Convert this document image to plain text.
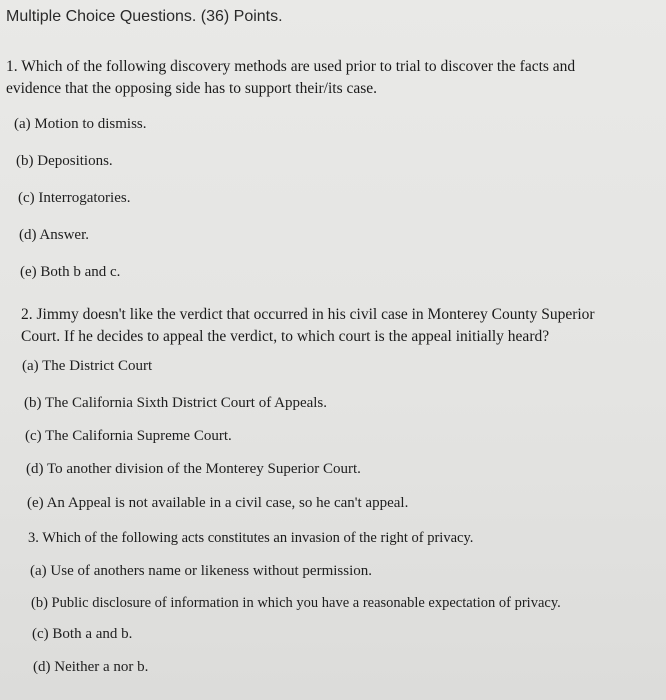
Multiple Choice Questions. (36) Points.
1. Which of the following discovery methods are used prior to trial to discover the facts and
evidence that the opposing side has to support their/its case.
(a) Motion to dismiss.
(b) Depositions.
(c) Interrogatories.
(d) Answer.
(e) Both b and c.
2. Jimmy doesn't like the verdict that occurred in his civil case in Monterey County Superior
Court. If he decides to appeal the verdict, to which court is the appeal initially heard?
(a) The District Court
(b) The California Sixth District Court of Appeals.
(c) The California Supreme Court.
(d) To another division of the Monterey Superior Court.
(e) An Appeal is not available in a civil case, so he can't appeal.
3. Which of the following acts constitutes an invasion of the right of privacy.
(a) Use of anothers name or likeness without permission.
(b) Public disclosure of information in which you have a reasonable expectation of privacy.
(c) Both a and b.
(d) Neither a nor b.
